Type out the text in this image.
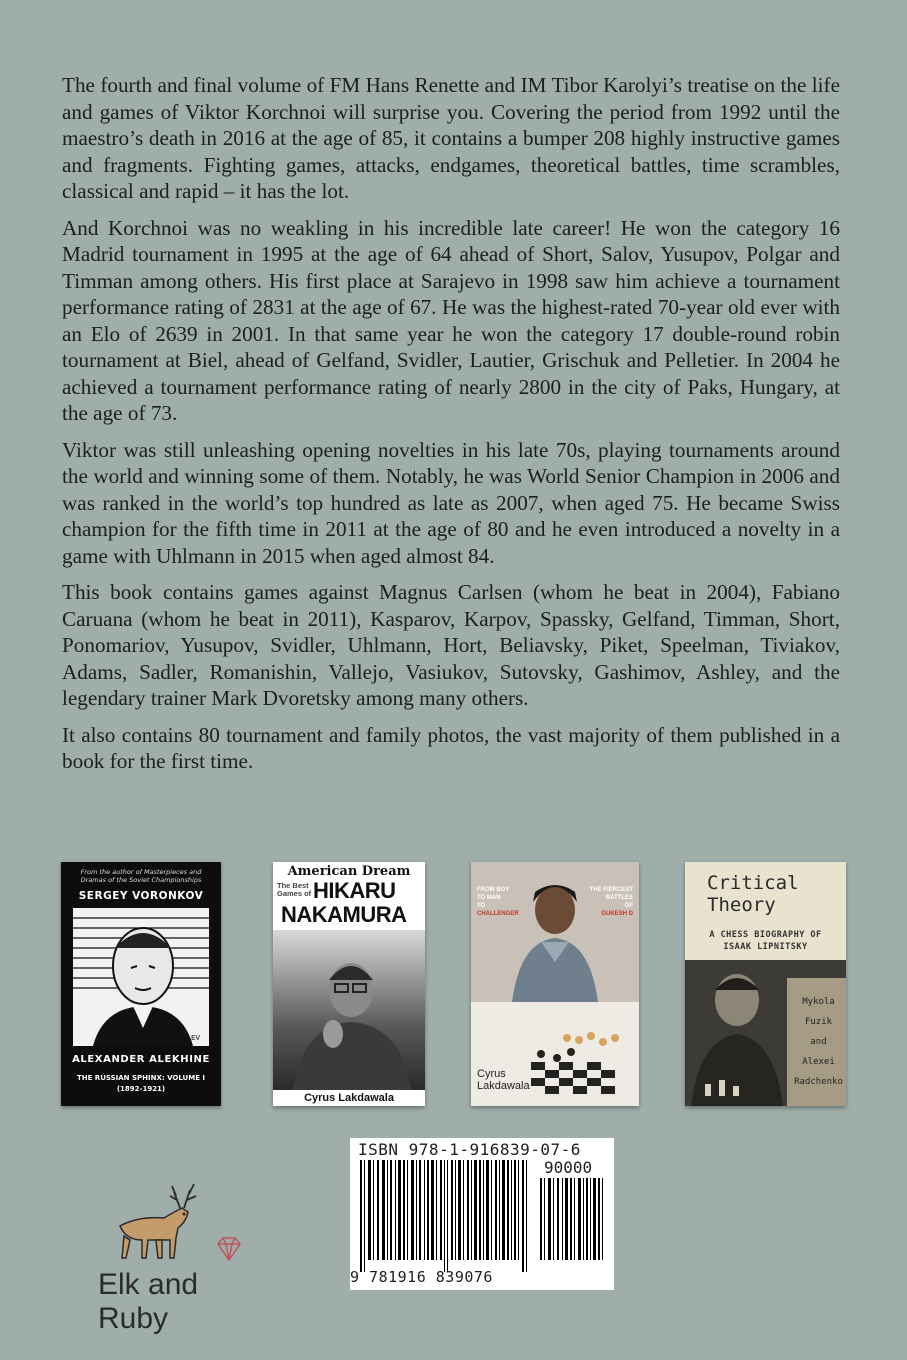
The fourth and final volume of FM Hans Renette and IM Tibor Karolyi’s treatise on the life and games of Viktor Korchnoi will surprise you. Covering the period from 1992 until the maestro’s death in 2016 at the age of 85, it contains a bumper 208 highly instructive games and fragments. Fighting games, attacks, endgames, theoretical battles, time scrambles, classical and rapid – it has the lot.

And Korchnoi was no weakling in his incredible late career! He won the category 16 Madrid tournament in 1995 at the age of 64 ahead of Short, Salov, Yusupov, Polgar and Timman among others. His first place at Sarajevo in 1998 saw him achieve a tournament performance rating of 2831 at the age of 67. He was the highest-rated 70-year old ever with an Elo of 2639 in 2001. In that same year he won the category 17 double-round robin tournament at Biel, ahead of Gelfand, Svidler, Lautier, Grischuk and Pelletier. In 2004 he achieved a tournament performance rating of nearly 2800 in the city of Paks, Hungary, at the age of 73.

Viktor was still unleashing opening novelties in his late 70s, playing tournaments around the world and winning some of them. Notably, he was World Senior Champion in 2006 and was ranked in the world’s top hundred as late as 2007, when aged 75. He became Swiss champion for the fifth time in 2011 at the age of 80 and he even introduced a novelty in a game with Uhlmann in 2015 when aged almost 84.

This book contains games against Magnus Carlsen (whom he beat in 2004), Fabiano Caruana (whom he beat in 2011), Kasparov, Karpov, Spassky, Gelfand, Timman, Short, Ponomariov, Yusupov, Svidler, Uhlmann, Hort, Beliavsky, Piket, Speelman, Tiviakov, Adams, Sadler, Romanishin, Vallejo, Vasiukov, Sutovsky, Gashimov, Ashley, and the legendary trainer Mark Dvoretsky among many others.

It also contains 80 tournament and family photos, the vast majority of them published in a book for the first time.

From the author of Masterpieces and Dramas of the Soviet Championships
SERGEY VORONKOV
EV
ALEXANDER ALEKHINE
THE RUSSIAN SPHINX: VOLUME I
(1892-1921)
American Dream
The Best Games of HIKARU
NAKAMURA
Cyrus Lakdawala
FROM BOY
TO MAN
TO
CHALLENGER
THE FIERCEST
BATTLES
OF
GUKESH D
Cyrus
Lakdawala
Critical
Theory
A CHESS BIOGRAPHY OF
ISAAK LIPNITSKY
Mykola
Fuzik
and
Alexei
Radchenko
ISBN 978-1-916839-07-6
90000
9 781916 839076
Elk and Ruby
